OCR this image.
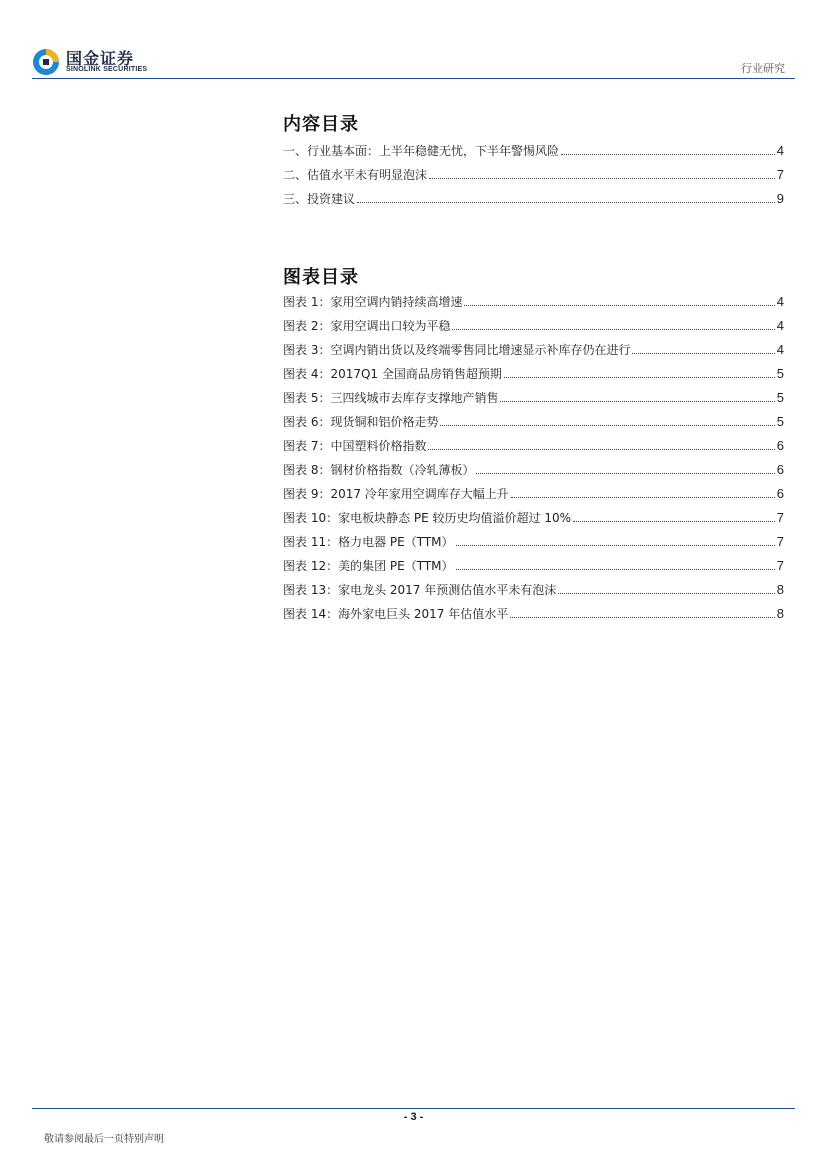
国金证券
SINOLINK SECURITIES	行业研究
内容目录
一、行业基本面：上半年稳健无忧，下半年警惕风险	4
二、估值水平未有明显泡沫	7
三、投资建议	9
图表目录
图表 1：家用空调内销持续高增速	4
图表 2：家用空调出口较为平稳	4
图表 3：空调内销出货以及终端零售同比增速显示补库存仍在进行	4
图表 4：2017Q1 全国商品房销售超预期	5
图表 5：三四线城市去库存支撑地产销售	5
图表 6：现货铜和铝价格走势	5
图表 7：中国塑料价格指数	6
图表 8：钢材价格指数（冷轧薄板）	6
图表 9：2017 冷年家用空调库存大幅上升	6
图表 10：家电板块静态 PE 较历史均值溢价超过 10%	7
图表 11：格力电器 PE（TTM）	7
图表 12：美的集团 PE（TTM）	7
图表 13：家电龙头 2017 年预测估值水平未有泡沫	8
图表 14：海外家电巨头 2017 年估值水平	8
- 3 -
敬请参阅最后一页特别声明
